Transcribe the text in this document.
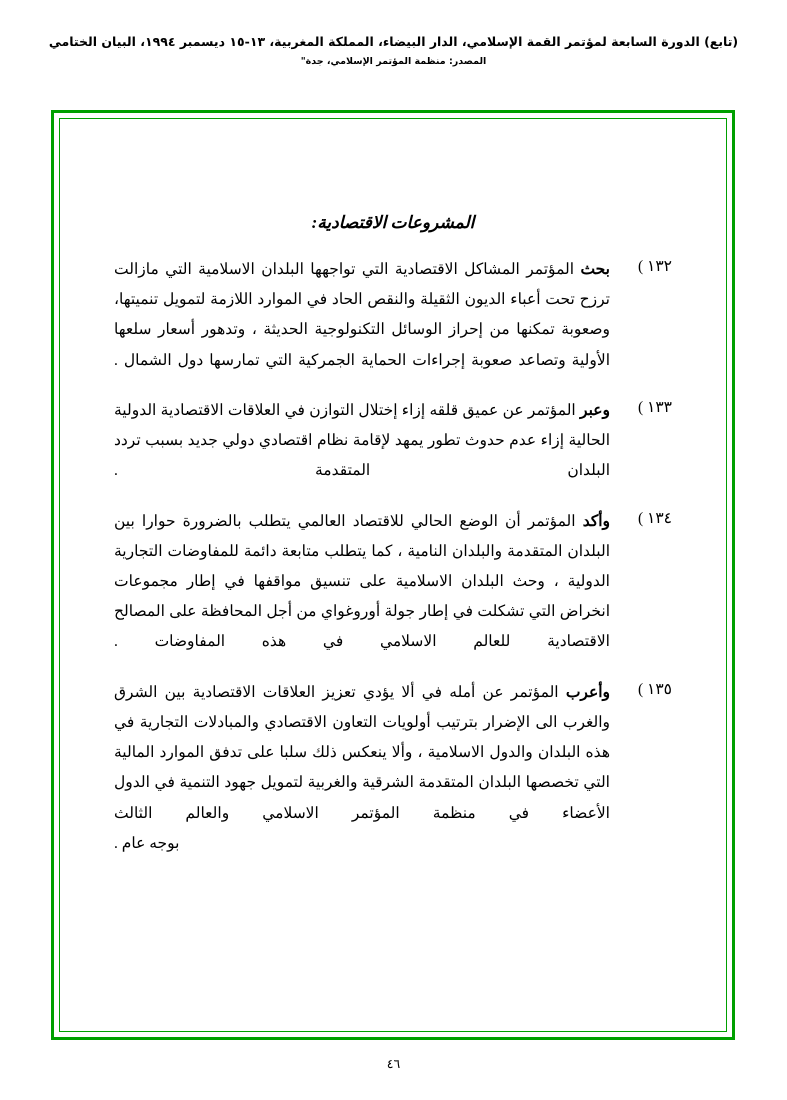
(تابع) الدورة السابعة لمؤتمر القمة الإسلامي، الدار البيضاء، المملكة المغربية، ١٣-١٥ ديسمبر ١٩٩٤، البيان الختامي
المصدر: منظمة المؤتمر الإسلامي، جدة"
المشروعات الاقتصادية:
١٣٢ )
بحث المؤتمر المشاكل الاقتصادية التي تواجهها البلدان الاسلامية التي مازالت ترزح تحت أعباء الديون الثقيلة والنقص الحاد في الموارد اللازمة لتمويل تنميتها، وصعوبة تمكنها من إحراز الوسائل التكنولوجية الحديثة ، وتدهور أسعار سلعها الأولية وتصاعد صعوبة إجراءات الحماية الجمركية التي تمارسها دول الشمال .
١٣٣ )
وعبر المؤتمر عن عميق قلقه إزاء إختلال التوازن في العلاقات الاقتصادية الدولية الحالية إزاء عدم حدوث تطور يمهد لإقامة نظام اقتصادي دولي جديد بسبب تردد البلدان المتقدمة .
١٣٤ )
وأكد المؤتمر أن الوضع الحالي للاقتصاد العالمي يتطلب بالضرورة حوارا بين البلدان المتقدمة والبلدان النامية ، كما يتطلب متابعة دائمة للمفاوضات التجارية الدولية ، وحث البلدان الاسلامية على تنسيق مواقفها في إطار مجموعات انخراض التي تشكلت في إطار جولة أوروغواي من أجل المحافظة على المصالح الاقتصادية للعالم الاسلامي في هذه المفاوضات .
١٣٥ )
وأعرب المؤتمر عن أمله في ألا يؤدي تعزيز العلاقات الاقتصادية بين الشرق والغرب الى الإضرار بترتيب أولويات التعاون الاقتصادي والمبادلات التجارية في هذه البلدان والدول الاسلامية ، وألا ينعكس ذلك سلبا على تدفق الموارد المالية التي تخصصها البلدان المتقدمة الشرقية والغربية لتمويل جهود التنمية في الدول الأعضاء في منظمة المؤتمر الاسلامي والعالم الثالث
بوجه عام .
٤٦
